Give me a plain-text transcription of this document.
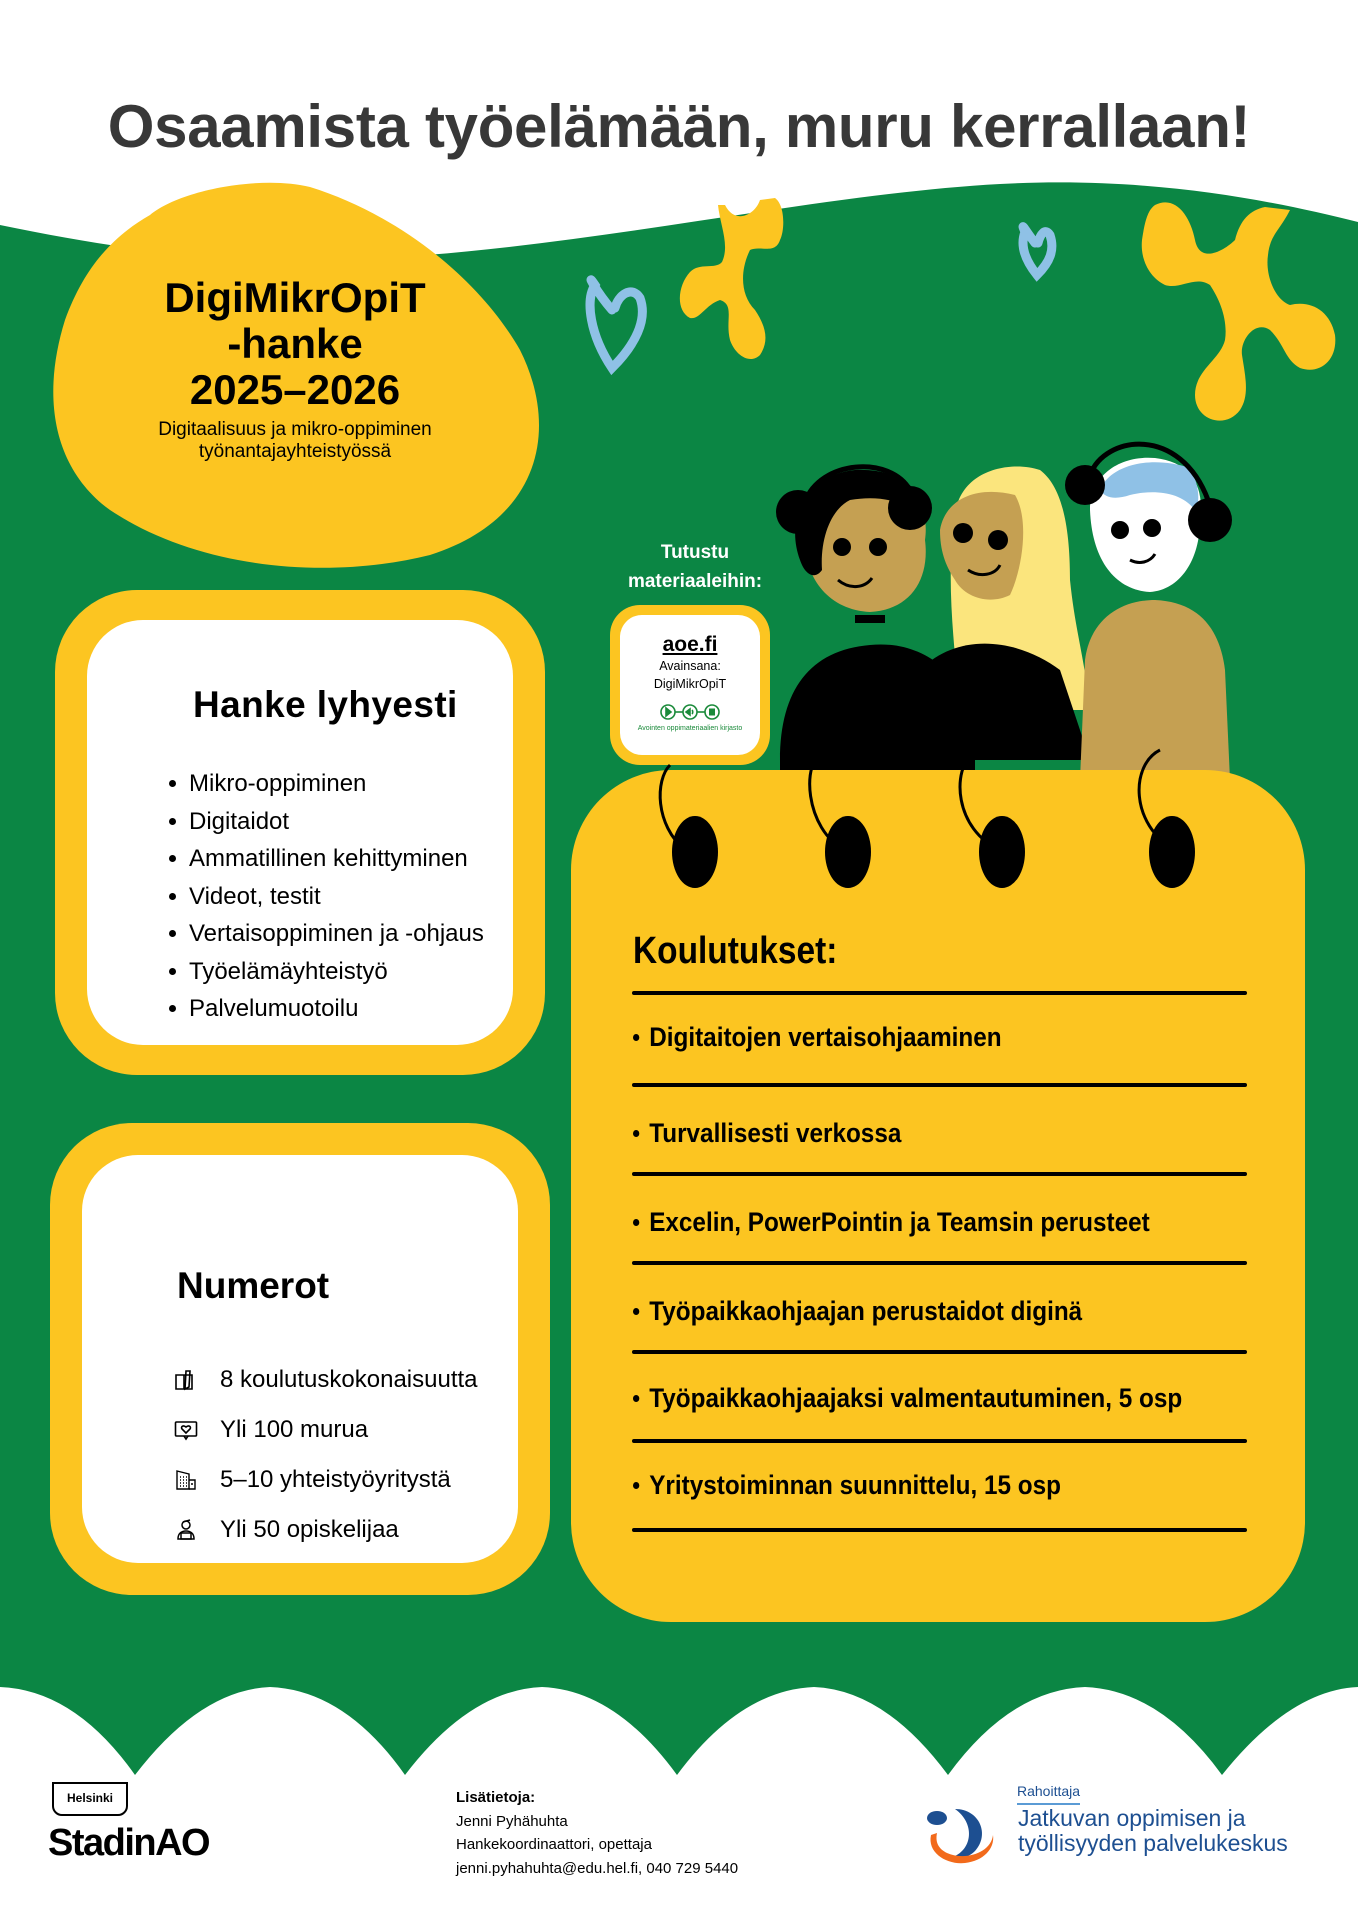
Osaamista työelämään, muru kerrallaan!
DigiMikrOpiT
-hanke
2025–2026
Digitaalisuus ja mikro-oppiminen
työnantajayhteistyössä
Hanke lyhyesti
Mikro-oppiminen
Digitaidot
Ammatillinen kehittyminen
Videot, testit
Vertaisoppiminen ja -ohjaus
Työelämäyhteistyö
Palvelumuotoilu
Numerot
8 koulutuskokonaisuutta
Yli 100 murua
5–10 yhteistyöyritystä
Yli 50 opiskelijaa
Tutustu
materiaaleihin:
aoe.fi
Avainsana:
DigiMikrOpiT
Avointen oppimateriaalien kirjasto
Koulutukset:
Digitaitojen vertaisohjaaminen
Turvallisesti verkossa
Excelin, PowerPointin ja Teamsin perusteet
Työpaikkaohjaajan perustaidot diginä
Työpaikkaohjaajaksi valmentautuminen, 5 osp
Yritystoiminnan suunnittelu, 15 osp
Helsinki
StadinAO
Lisätietoja:
Jenni Pyhähuhta
Hankekoordinaattori, opettaja
jenni.pyhahuhta@edu.hel.fi, 040 729 5440
Rahoittaja
Jatkuvan oppimisen ja
työllisyyden palvelukeskus
